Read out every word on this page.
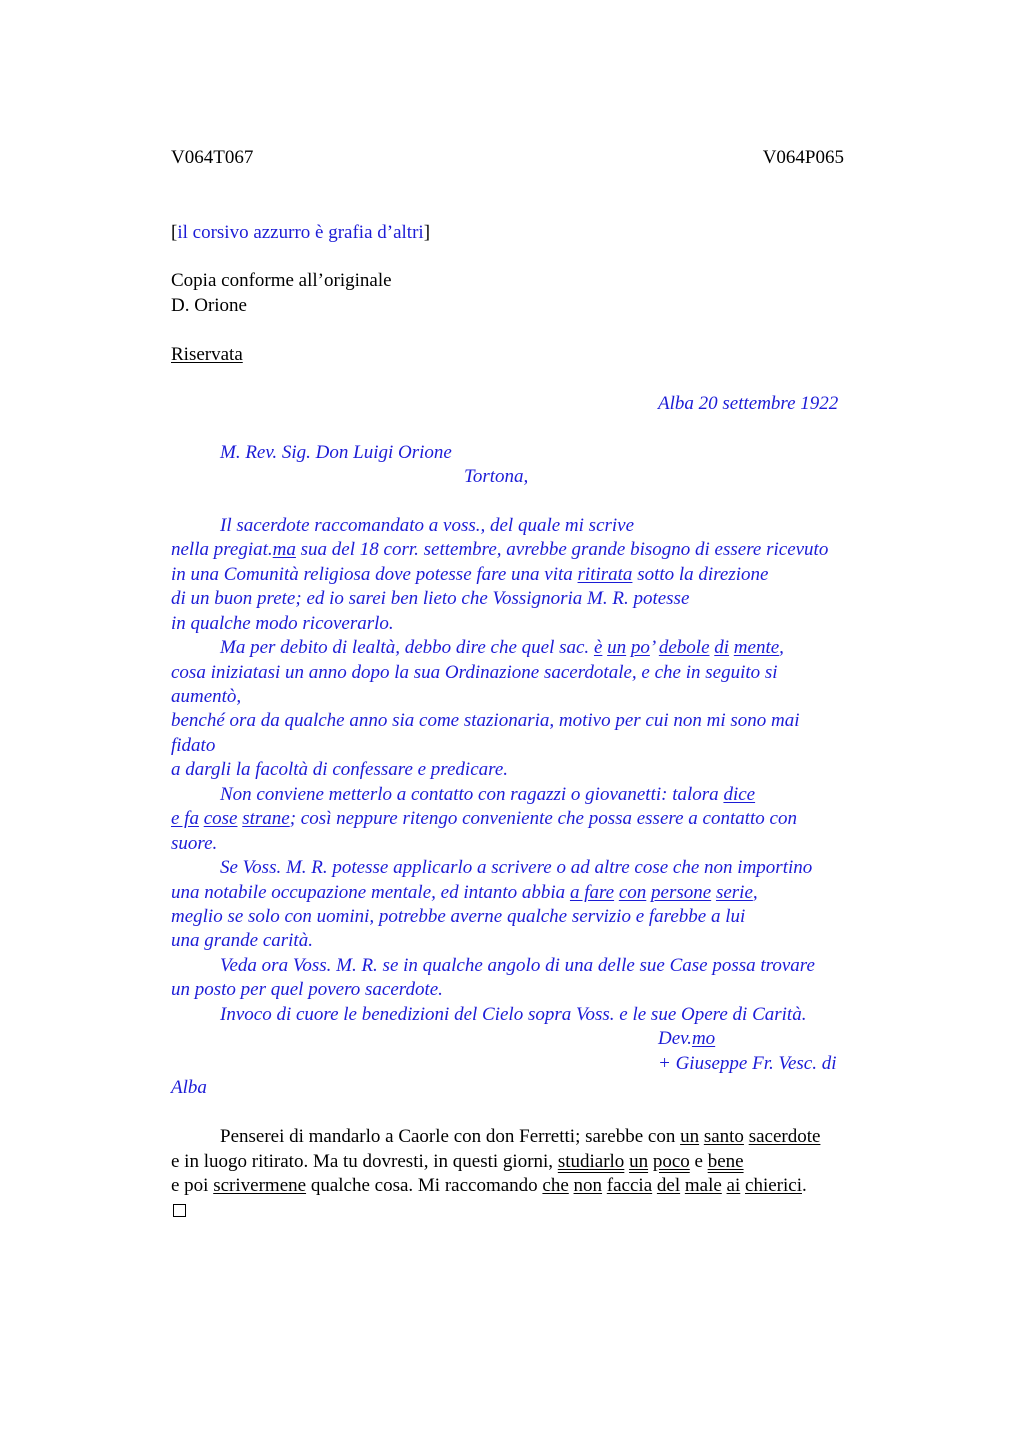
V064T067	V064P065
[il corsivo azzurro è grafia d’altri]
Copia conforme all’originale
D. Orione
Riservata
Alba 20 settembre 1922
M. Rev. Sig. Don Luigi Orione
Tortona,
Il sacerdote raccomandato a voss., del quale mi scrive
nella pregiat.ma sua del 18 corr. settembre, avrebbe grande bisogno di essere ricevuto
in una Comunità religiosa dove potesse fare una vita ritirata sotto la direzione
di un buon prete; ed io sarei ben lieto che Vossignoria M. R. potesse
in qualche modo ricoverarlo.
Ma per debito di lealtà, debbo dire che quel sac. è un po’ debole di mente,
cosa iniziatasi un anno dopo la sua Ordinazione sacerdotale, e che in seguito si
aumentò,
benché ora da qualche anno sia come stazionaria, motivo per cui non mi sono mai
fidato
a dargli la facoltà di confessare e predicare.
Non conviene metterlo a contatto con ragazzi o giovanetti: talora dice
e fa cose strane; così neppure ritengo conveniente che possa essere a contatto con
suore.
Se Voss. M. R. potesse applicarlo a scrivere o ad altre cose che non importino
una notabile occupazione mentale, ed intanto abbia a fare con persone serie,
meglio se solo con uomini, potrebbe averne qualche servizio e farebbe a lui
una grande carità.
Veda ora Voss. M. R. se in qualche angolo di una delle sue Case possa trovare
un posto per quel povero sacerdote.
Invoco di cuore le benedizioni del Cielo sopra Voss. e le sue Opere di Carità.
Dev.mo
+ Giuseppe Fr. Vesc. di
Alba
Penserei di mandarlo a Caorle con don Ferretti; sarebbe con un santo sacerdote
e in luogo ritirato. Ma tu dovresti, in questi giorni, studiarlo un poco e bene
e poi scrivermene qualche cosa. Mi raccomando che non faccia del male ai chierici.
